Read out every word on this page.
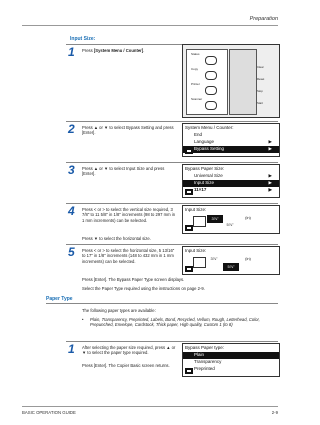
Preparation
Input Size:
1 Press [System Menu / Counter].
Status
Copy
Printer
Scanner
Clear
Reset
Stop
Start
2 Press ▲ or ▼ to select Bypass Setting and press [Enter].
System Menu / Counter:
End
Language	▶
Bypass Setting	▶
3 Press ▲ or ▼ to select Input Size and press [Enter].
Bypass Paper Size:
Universal Size	▶
Input Size	▶
11×17	▶
4 Press < or > to select the vertical size required, 3 7/8" to 11 5/8" in 1/8" increments (98 to 297 mm in 1 mm increments) can be selected.
Press ▼ to select the horizontal size.
Input Size:
3⅞"	(in)
5⅞"
5 Press < or > to select the horizontal size, 5 13/16" to 17" in 1/8" increments (148 to 432 mm in 1 mm increments) can be selected.
Press [Enter]. The Bypass Paper Type screen displays.
Input Size:
3⅞"	(in)
5⅞"
Select the Paper Type required using the instructions on page 2-9.
Paper Type
The following paper types are available:
•	Plain, Transparency, Preprinted, Labels, Bond, Recycled, Vellum, Rough, Letterhead, Color, Prepunched, Envelope, Cardstock, Thick paper, High quality, Custom 1 (to 8)
1 After selecting the paper size required, press ▲ or ▼ to select the paper type required.
Press [Enter]. The Copier Basic screen returns.
Bypass Paper type:
Plain
Transparency
Preprinted
BASIC OPERATION GUIDE	2-9
